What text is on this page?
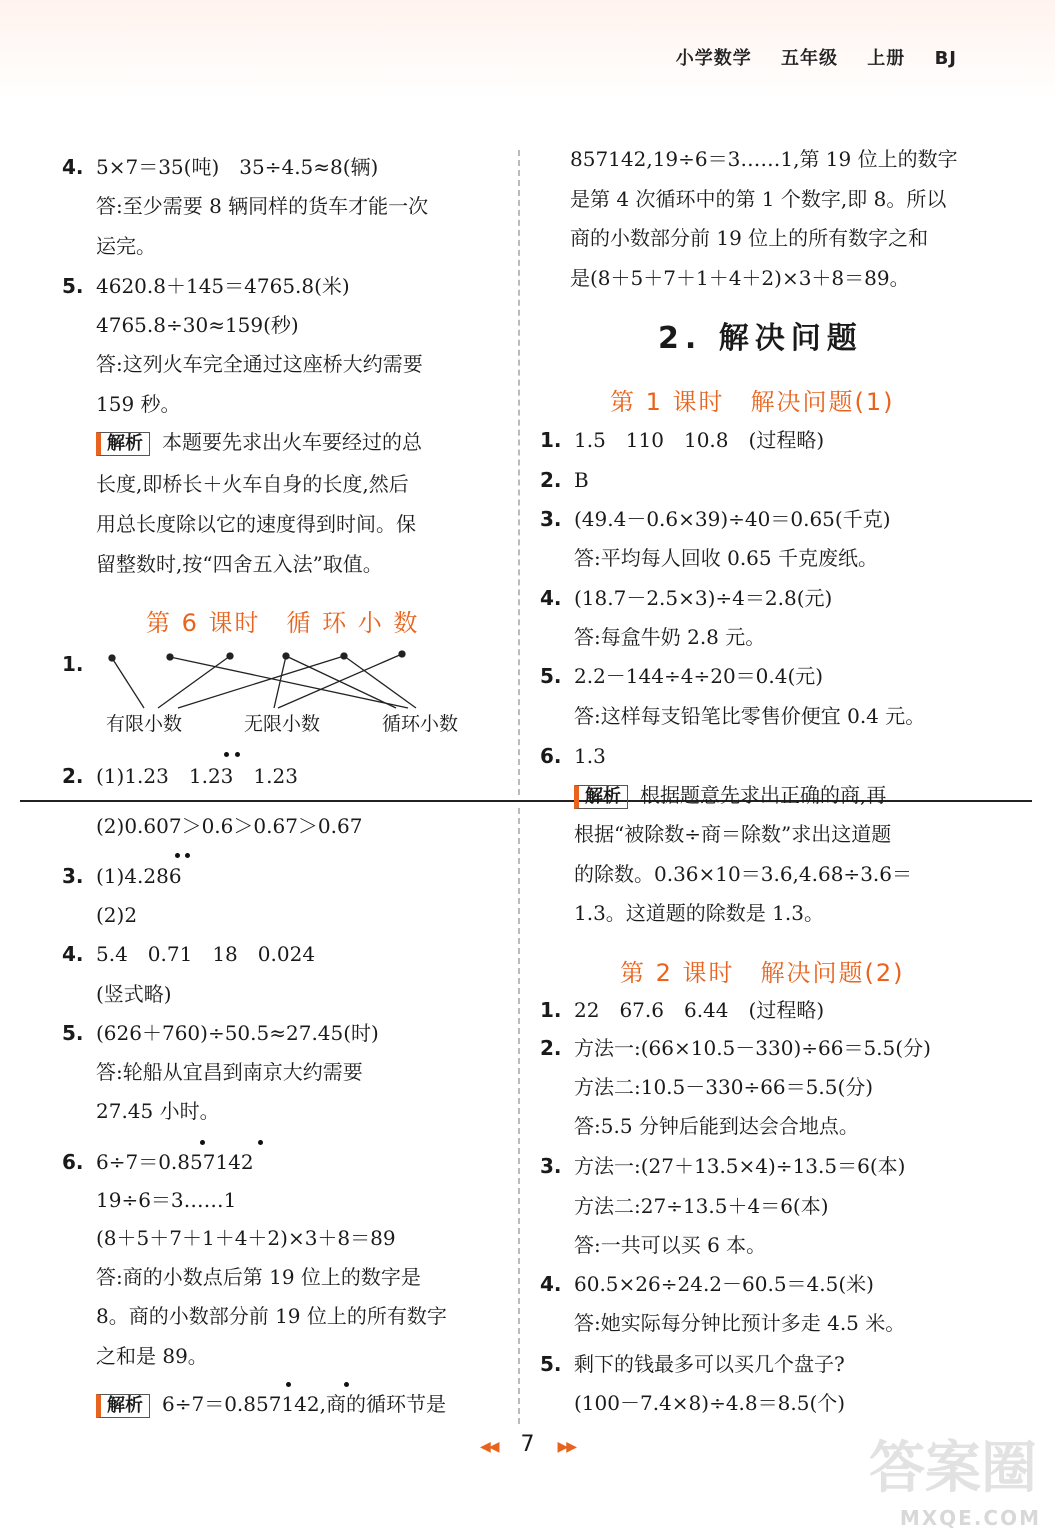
小学数学 五年级 上册 BJ
4. 5×7＝35(吨)　35÷4.5≈8(辆)
答:至少需要 8 辆同样的货车才能一次
运完。
5. 4620.8＋145＝4765.8(米)
4765.8÷30≈159(秒)
答:这列火车完全通过这座桥大约需要
159 秒。
解析 本题要先求出火车要经过的总
长度,即桥长＋火车自身的长度,然后
用总长度除以它的速度得到时间。保
留整数时,按“四舍五入法”取值。
第 6 课时　循 环 小 数
1.
有限小数	无限小数	循环小数
2. (1)1.23　1.23　1.23
(2)0.607＞0.6＞0.67＞0.67
3. (1)4.286
(2)2
4. 5.4　0.71　18　0.024
(竖式略)
5. (626＋760)÷50.5≈27.45(时)
答:轮船从宜昌到南京大约需要
27.45 小时。
6. 6÷7＝0.857142
19÷6＝3……1
(8＋5＋7＋1＋4＋2)×3＋8＝89
答:商的小数点后第 19 位上的数字是
8。商的小数部分前 19 位上的所有数字
之和是 89。
解析 6÷7＝0.857142,商的循环节是
857142,19÷6＝3……1,第 19 位上的数字
是第 4 次循环中的第 1 个数字,即 8。所以
商的小数部分前 19 位上的所有数字之和
是(8＋5＋7＋1＋4＋2)×3＋8＝89。
2. 解决问题
第 1 课时　解决问题(1)
1. 1.5　110　10.8　(过程略)
2. B
3. (49.4－0.6×39)÷40＝0.65(千克)
答:平均每人回收 0.65 千克废纸。
4. (18.7－2.5×3)÷4＝2.8(元)
答:每盒牛奶 2.8 元。
5. 2.2－144÷4÷20＝0.4(元)
答:这样每支铅笔比零售价便宜 0.4 元。
6. 1.3
解析 根据题意先求出正确的商,再
根据“被除数÷商＝除数”求出这道题
的除数。0.36×10＝3.6,4.68÷3.6＝
1.3。这道题的除数是 1.3。
第 2 课时　解决问题(2)
1. 22　67.6　6.44　(过程略)
2. 方法一:(66×10.5－330)÷66＝5.5(分)
方法二:10.5－330÷66＝5.5(分)
答:5.5 分钟后能到达会合地点。
3. 方法一:(27＋13.5×4)÷13.5＝6(本)
方法二:27÷13.5＋4＝6(本)
答:一共可以买 6 本。
4. 60.5×26÷24.2－60.5＝4.5(米)
答:她实际每分钟比预计多走 4.5 米。
5. 剩下的钱最多可以买几个盘子?
(100－7.4×8)÷4.8＝8.5(个)
◀◀ 7 ▶▶	答案圈
MXQE.COM
